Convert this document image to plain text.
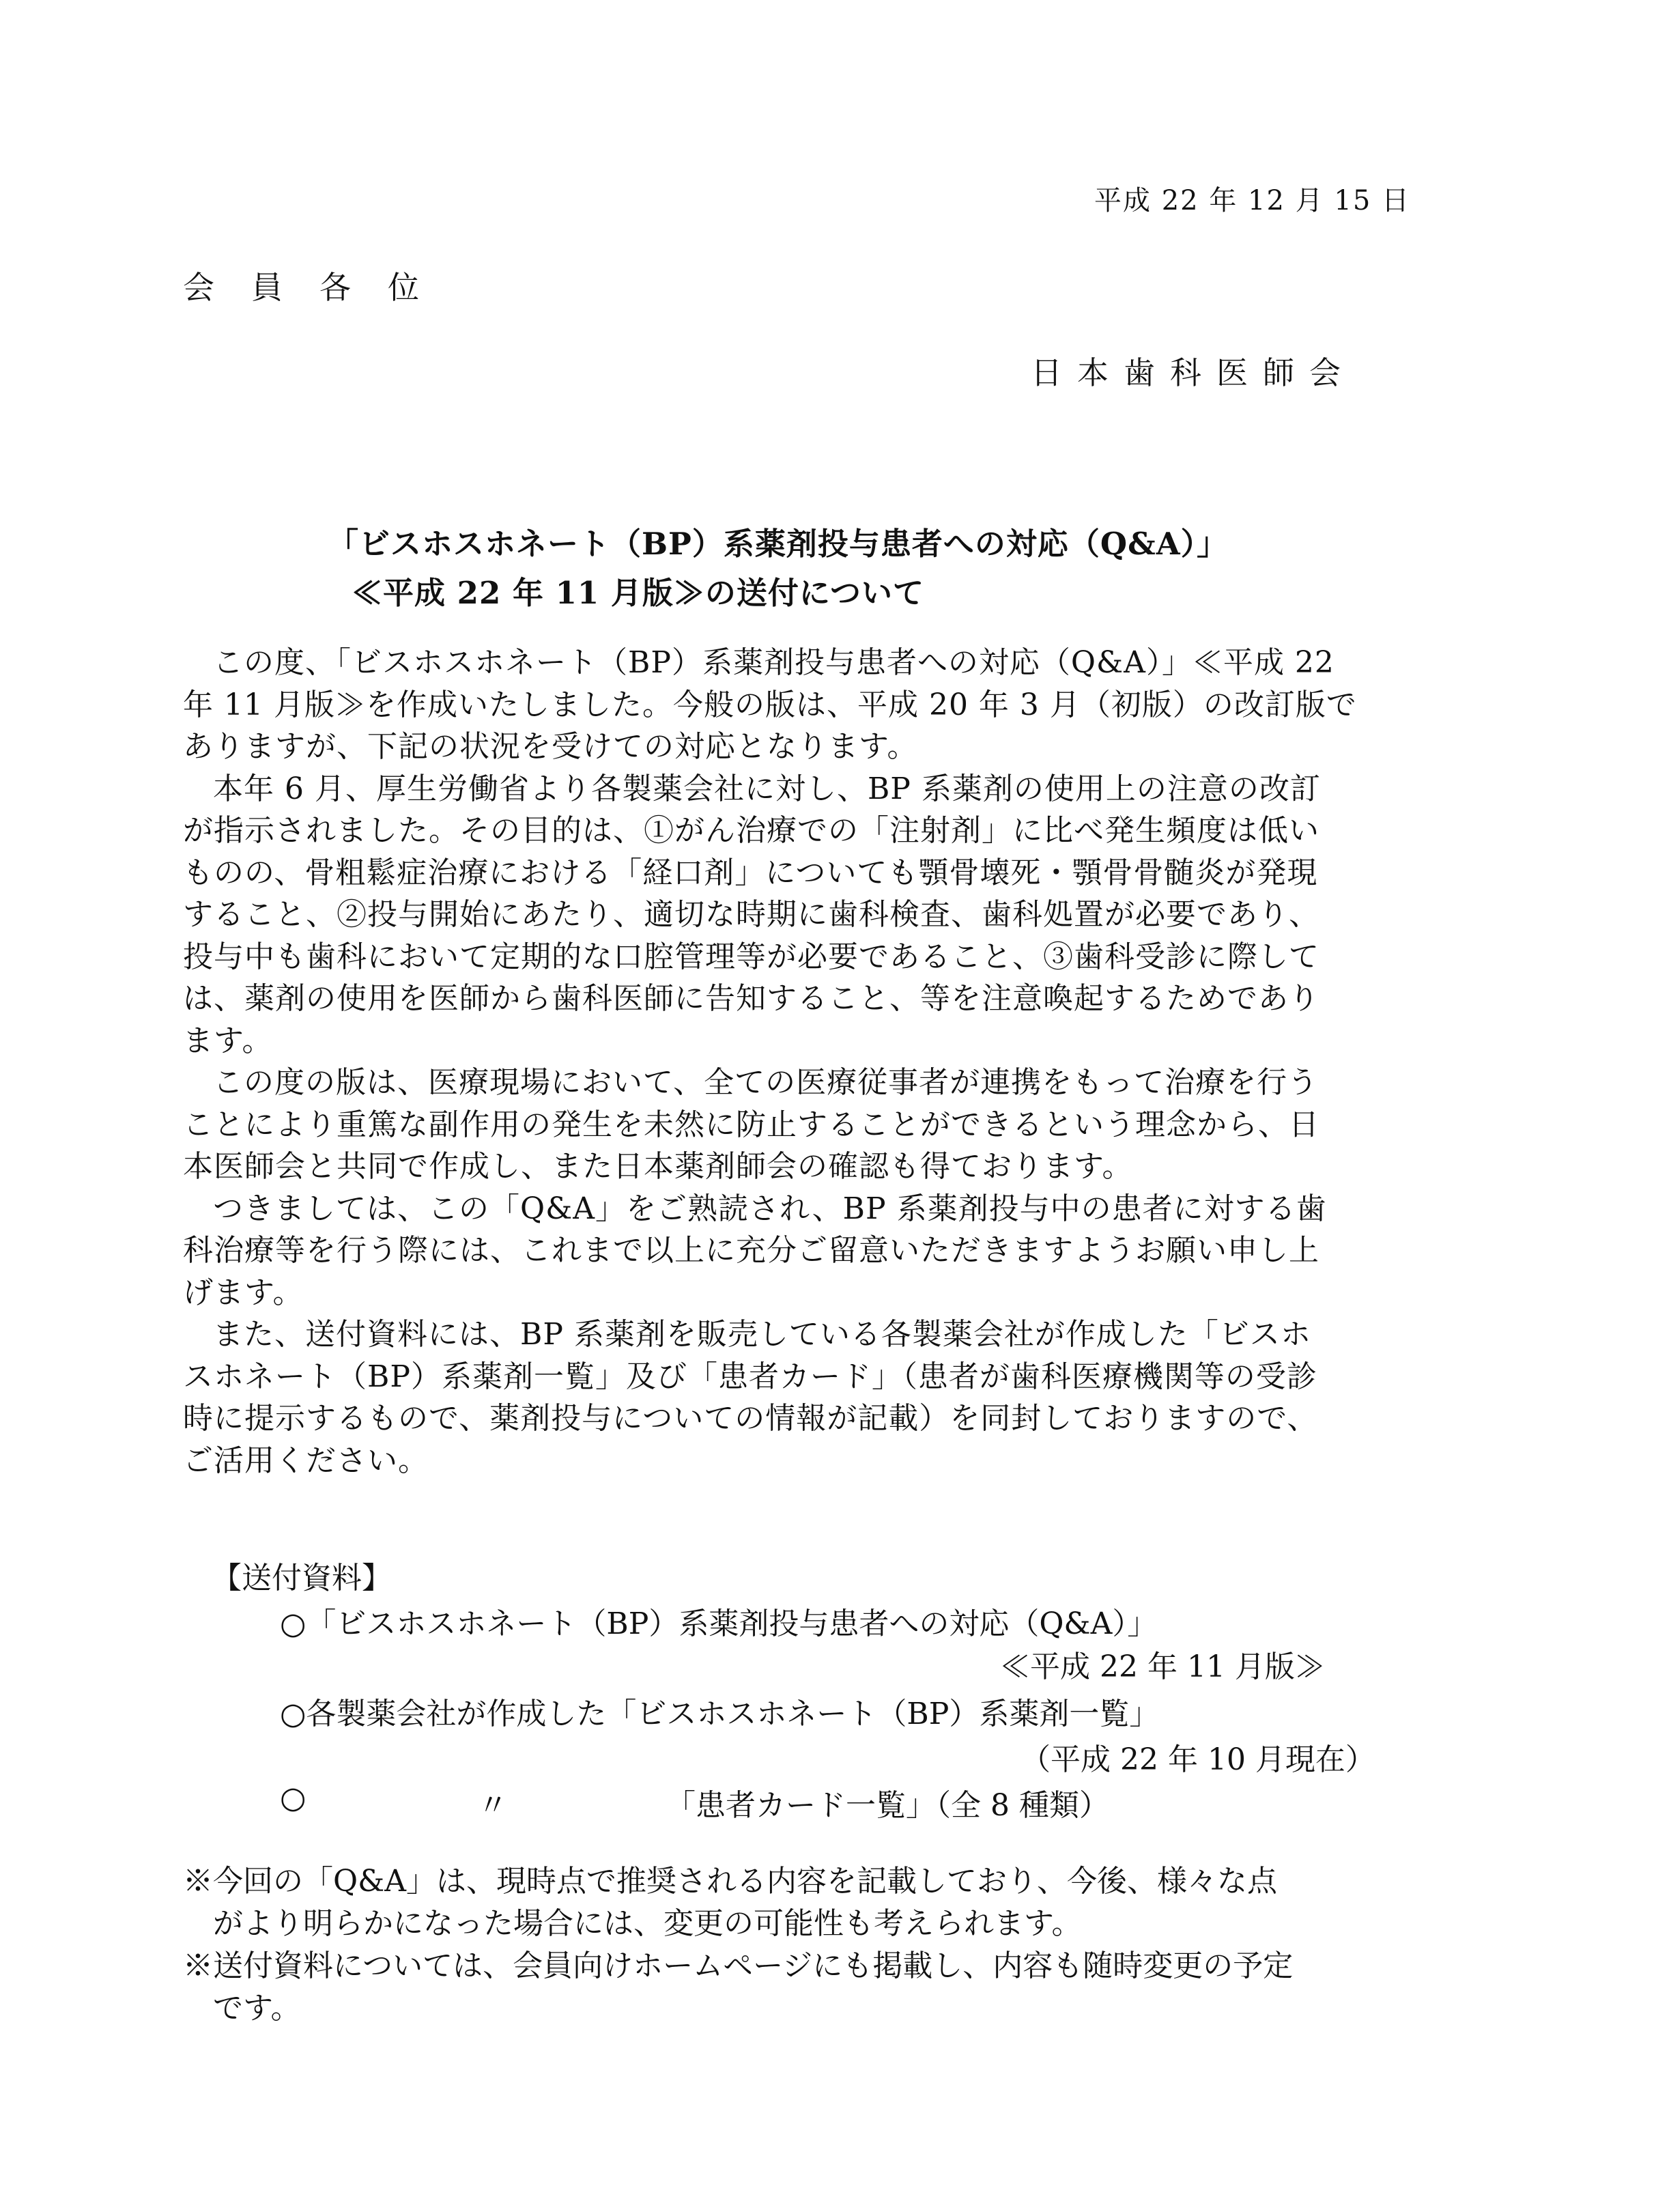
平成 22 年 12 月 15 日
会員各位
日本歯科医師会
「ビスホスホネート（BP）系薬剤投与患者への対応（Q&A）」
≪平成 22 年 11 月版≫の送付について

この度、「ビスホスホネート（BP）系薬剤投与患者への対応（Q&A）」≪平成 22
年 11 月版≫を作成いたしました。今般の版は、平成 20 年 3 月（初版）の改訂版で
ありますが、下記の状況を受けての対応となります。

本年 6 月、厚生労働省より各製薬会社に対し、BP 系薬剤の使用上の注意の改訂
が指示されました。その目的は、①がん治療での「注射剤」に比べ発生頻度は低い
ものの、骨粗鬆症治療における「経口剤」についても顎骨壊死・顎骨骨髄炎が発現
すること、②投与開始にあたり、適切な時期に歯科検査、歯科処置が必要であり、
投与中も歯科において定期的な口腔管理等が必要であること、③歯科受診に際して
は、薬剤の使用を医師から歯科医師に告知すること、等を注意喚起するためであり
ます。

この度の版は、医療現場において、全ての医療従事者が連携をもって治療を行う
ことにより重篤な副作用の発生を未然に防止することができるという理念から、日
本医師会と共同で作成し、また日本薬剤師会の確認も得ております。

つきましては、この「Q&A」をご熟読され、BP 系薬剤投与中の患者に対する歯
科治療等を行う際には、これまで以上に充分ご留意いただきますようお願い申し上
げます。

また、送付資料には、BP 系薬剤を販売している各製薬会社が作成した「ビスホ
スホネート（BP）系薬剤一覧」及び「患者カード」（患者が歯科医療機関等の受診
時に提示するもので、薬剤投与についての情報が記載）を同封しておりますので、
ご活用ください。

【送付資料】
○「ビスホスホネート（BP）系薬剤投与患者への対応（Q&A）」
≪平成 22 年 11 月版≫
○各製薬会社が作成した「ビスホスホネート（BP）系薬剤一覧」
（平成 22 年 10 月現在）
○	〃	「患者カード一覧」（全 8 種類）

※今回の「Q&A」は、現時点で推奨される内容を記載しており、今後、様々な点
がより明らかになった場合には、変更の可能性も考えられます。

※送付資料については、会員向けホームページにも掲載し、内容も随時変更の予定
です。
